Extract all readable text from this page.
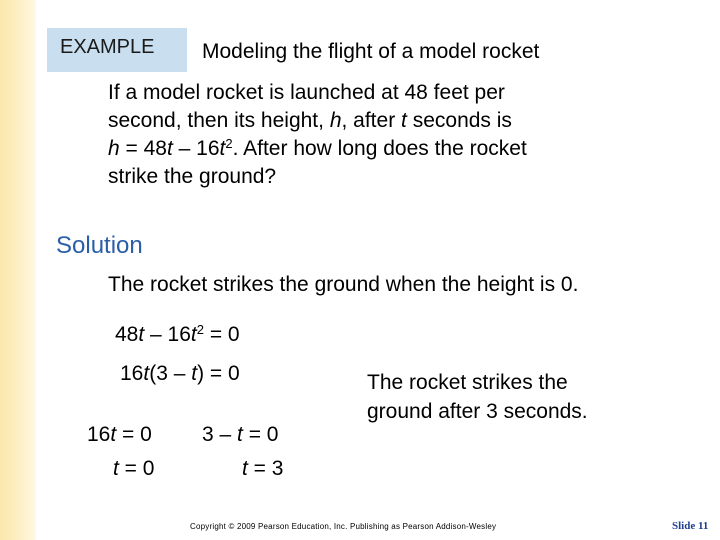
EXAMPLE Modeling the flight of a model rocket
If a model rocket is launched at 48 feet per
second, then its height, h, after t seconds is
$h = 48t - 16t^2$. After how long does the rocket
strike the ground?
Solution
The rocket strikes the ground when the height is 0.
$48t - 16t^2 = 0$
16t(3 – t) = 0
16t = 0
t = 0
3 – t = 0
t = 3
The rocket strikes the
ground after 3 seconds.
Copyright © 2009 Pearson Education, Inc. Publishing as Pearson Addison-Wesley	Slide 11
